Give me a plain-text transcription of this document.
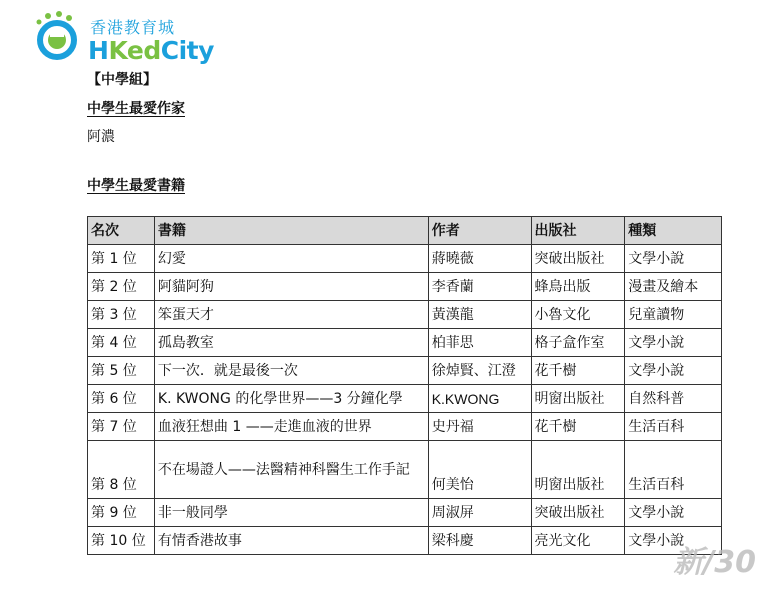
香港教育城
HKedCity
【中學組】
中學生最愛作家
阿濃
中學生最愛書籍
名次	書籍	作者	出版社	種類
第 1 位	幻愛	蔣曉薇	突破出版社	文學小說
第 2 位	阿貓阿狗	李香蘭	蜂鳥出版	漫畫及繪本
第 3 位	笨蛋天才	黃漢龍	小魯文化	兒童讀物
第 4 位	孤島教室	柏菲思	格子盒作室	文學小說
第 5 位	下一次．就是最後一次	徐焯賢、江澄	花千樹	文學小說
第 6 位	K. KWONG 的化學世界——3 分鐘化學	K.KWONG	明窗出版社	自然科普
第 7 位	血液狂想曲 1 ——走進血液的世界	史丹福	花千樹	生活百科
第 8 位	不在場證人——法醫精神科醫生工作手記	何美怡	明窗出版社	生活百科
第 9 位	非一般同學	周淑屏	突破出版社	文學小說
第 10 位	有情香港故事	梁科慶	亮光文化	文學小說
新/30
